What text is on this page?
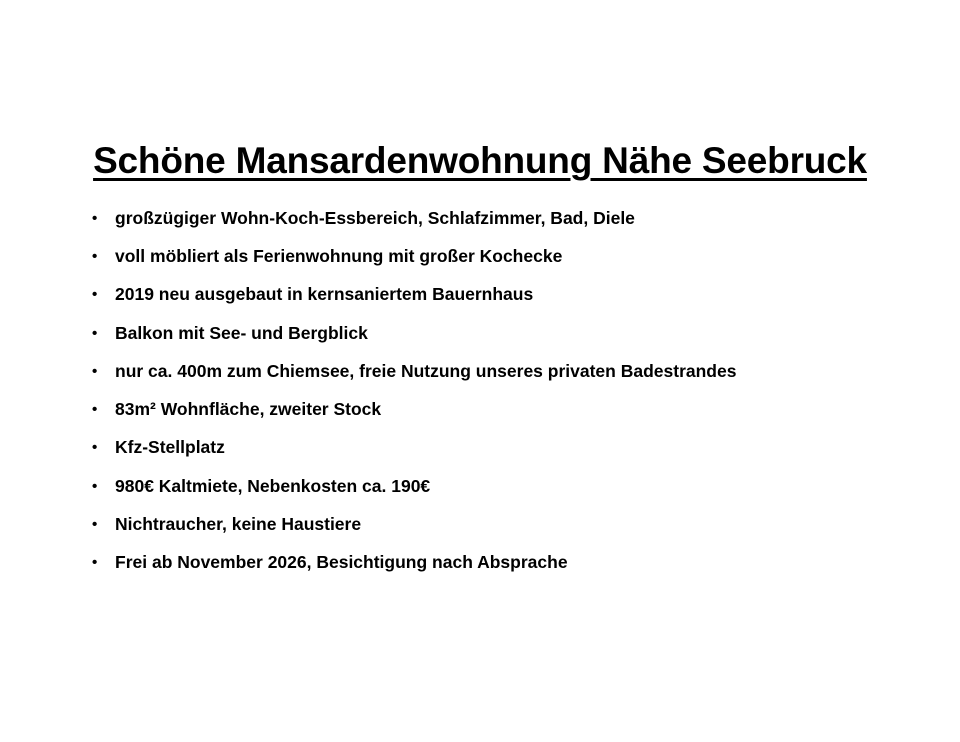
Schöne Mansardenwohnung Nähe Seebruck
•	großzügiger Wohn-Koch-Essbereich, Schlafzimmer, Bad, Diele
•	voll möbliert als Ferienwohnung mit großer Kochecke
•	2019 neu ausgebaut in kernsaniertem Bauernhaus
•	Balkon mit See- und Bergblick
•	nur ca. 400m zum Chiemsee, freie Nutzung unseres privaten Badestrandes
•	83m² Wohnfläche, zweiter Stock
•	Kfz-Stellplatz
•	980€ Kaltmiete, Nebenkosten ca. 190€
•	Nichtraucher, keine Haustiere
•	Frei ab November 2026, Besichtigung nach Absprache
